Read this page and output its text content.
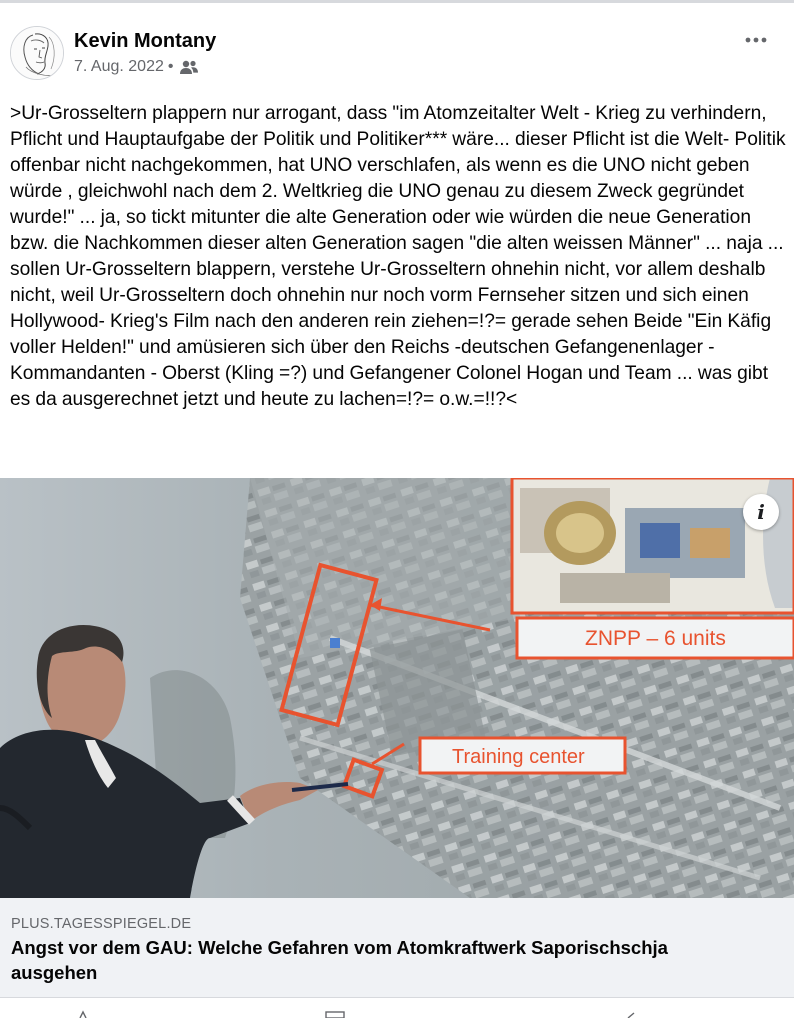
Kevin Montany
7. Aug. 2022 •
>Ur-Grosseltern plappern nur arrogant, dass "im Atomzeitalter Welt - Krieg zu verhindern, Pflicht und Hauptaufgabe der Politik und Politiker*** wäre... dieser Pflicht ist die Welt- Politik offenbar nicht nachgekommen, hat UNO verschlafen, als wenn es die UNO nicht geben würde , gleichwohl nach dem 2. Weltkrieg die UNO genau zu diesem Zweck gegründet wurde!" ... ja, so tickt mitunter die alte Generation oder wie würden die neue Generation bzw. die Nachkommen dieser alten Generation sagen "die alten weissen Männer" ... naja ... sollen Ur-Grosseltern blappern, verstehe Ur-Grosseltern ohnehin nicht, vor allem deshalb nicht, weil Ur-Grosseltern doch ohnehin nur noch vorm Fernseher sitzen und sich einen Hollywood- Krieg's Film nach den anderen rein ziehen=!?= gerade sehen Beide "Ein Käfig voller Helden!" und amüsieren sich über den Reichs -deutschen Gefangenenlager -Kommandanten - Oberst (Kling =?) und Gefangener Colonel Hogan und Team ... was gibt es da ausgerechnet jetzt und heute zu lachen=!?= o.w.=!!?<
ZNPP – 6 units
Training center
i
PLUS.TAGESSPIEGEL.DE
Angst vor dem GAU: Welche Gefahren vom Atomkraftwerk Saporischschja ausgehen
